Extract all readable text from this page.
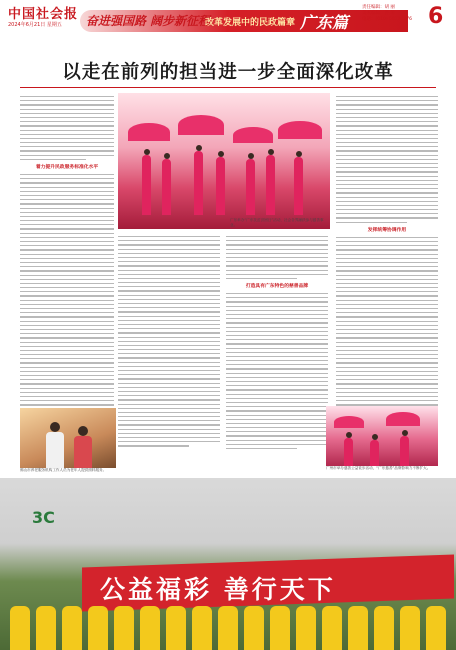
中国社会报
2024年6月21日 星期五 奋进强国路 阔步新征程
改革发展中的民政篇章 广东篇
责任编辑：胡 丽
美术编辑：乔 琳
电话：(010) 58124876 6
以走在前列的担当进一步全面深化改革
着力提升民政服务标准化水平
广东举办“广东扶贫济困日”活动，社会各界踊跃参与慈善事业。
发挥统筹协调作用
打造具有广东特色的慈善品牌
佛山市养老服务机构工作人员为老年人提供照料服务。	广州市举办慈善公益徒步活动，“广东慈善”品牌影响力不断扩大。
3C
公益福彩 善行天下
